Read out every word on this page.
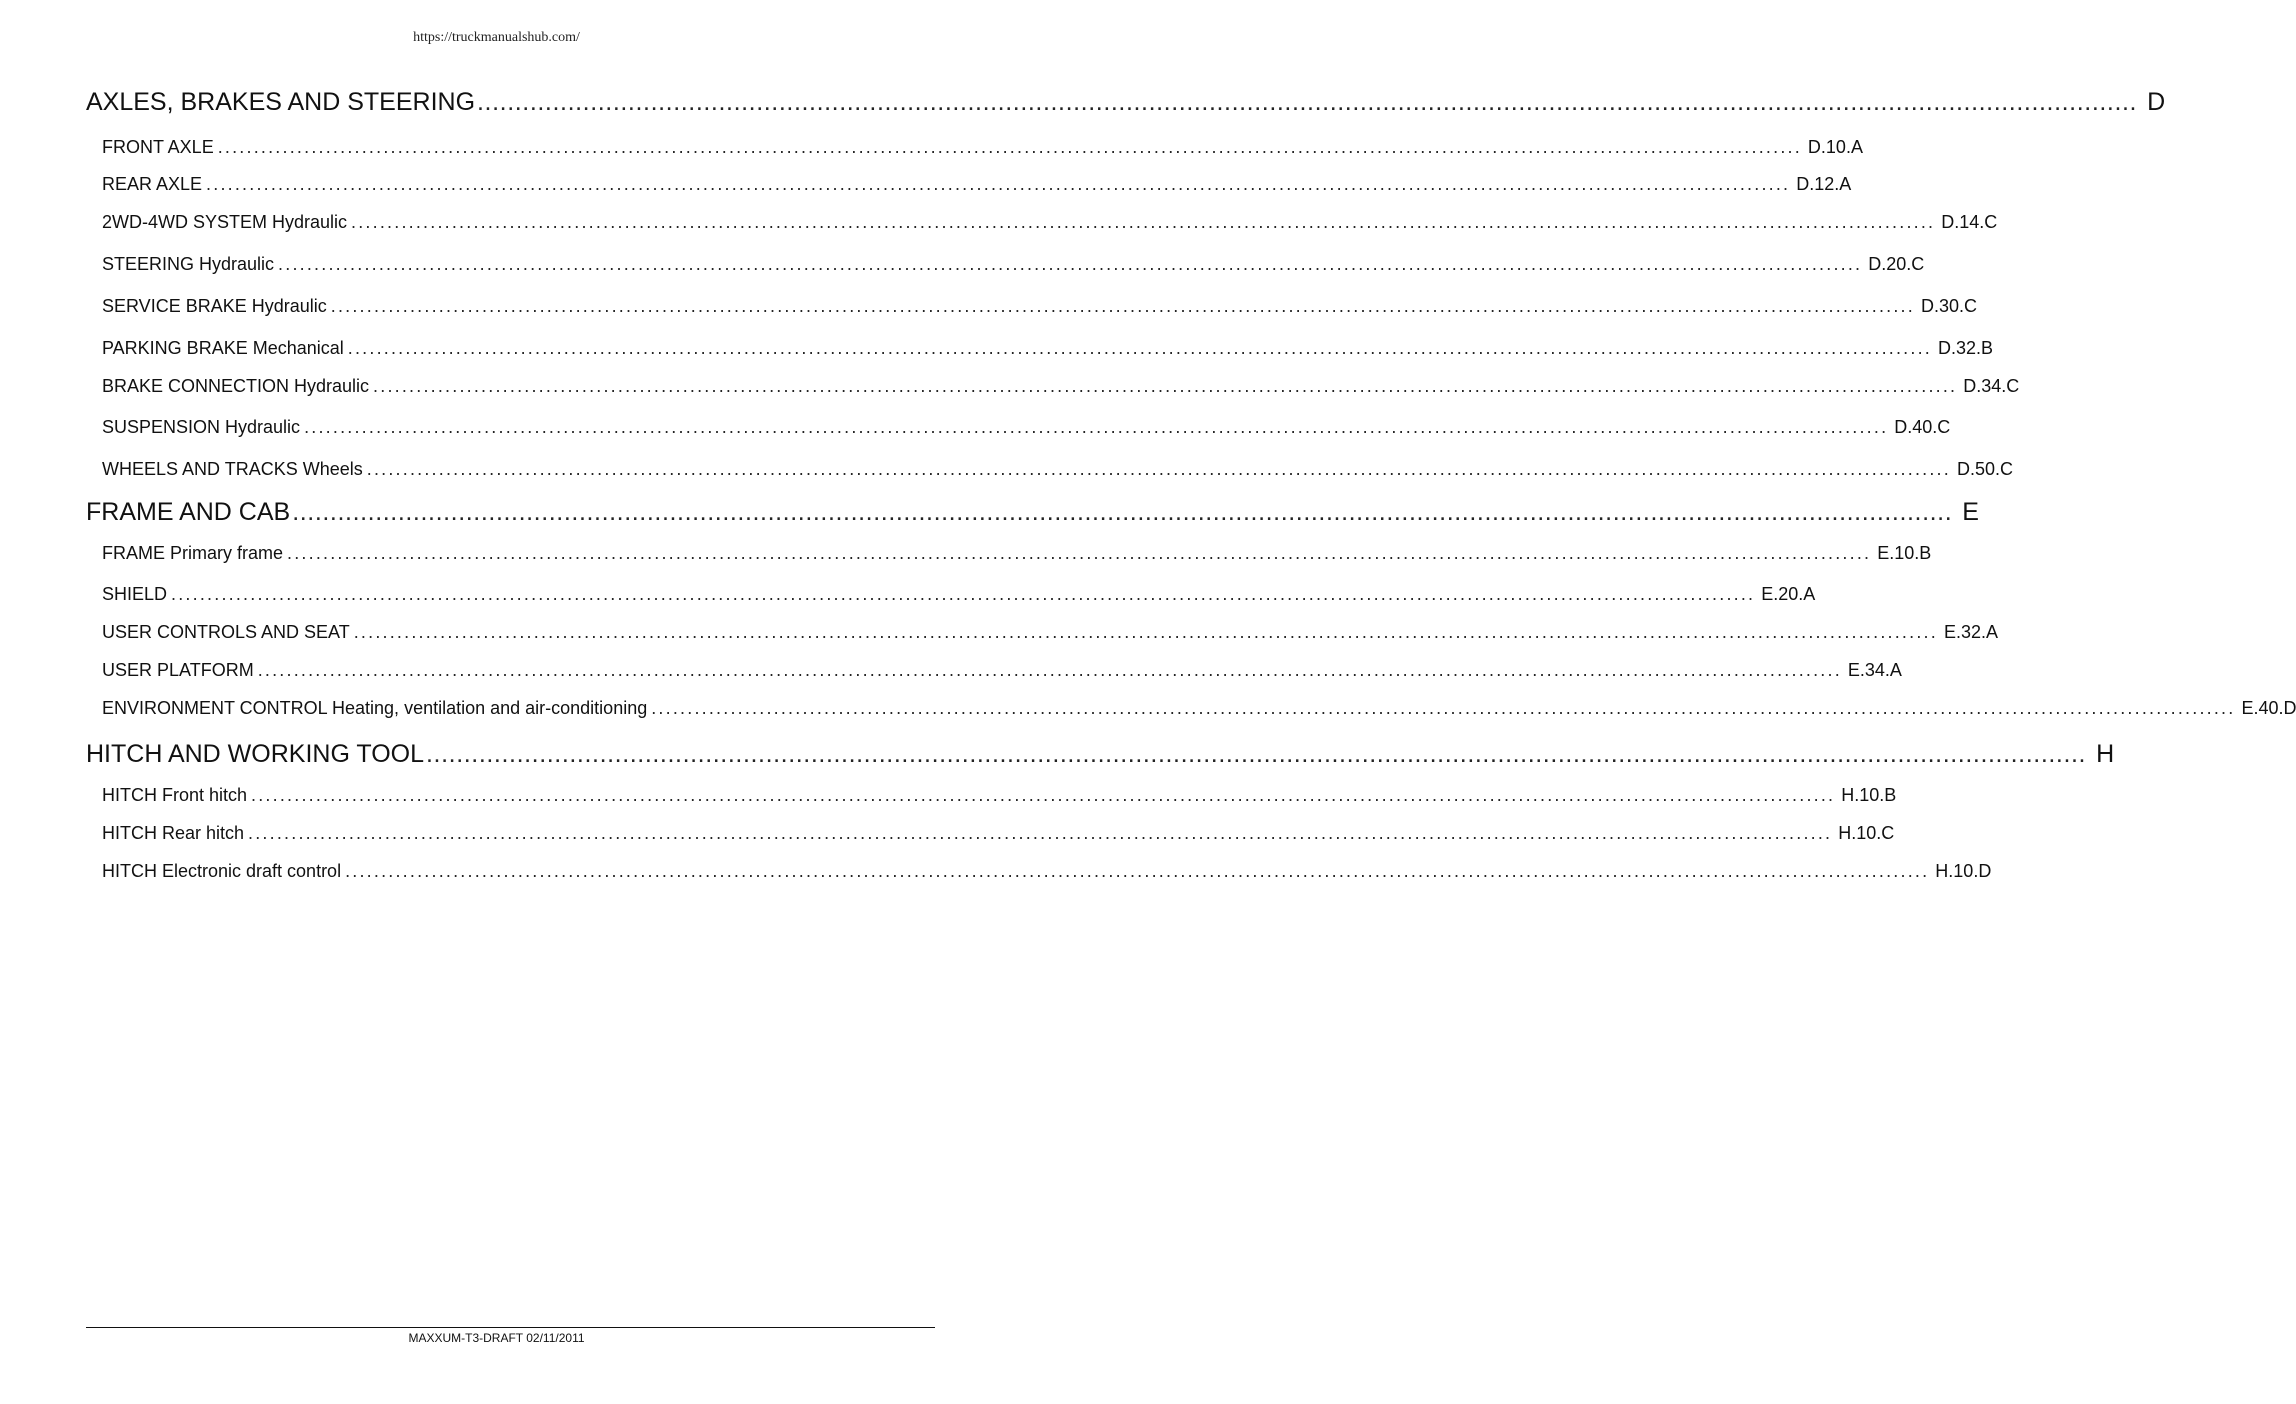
https://truckmanualshub.com/
AXLES, BRAKES AND STEERING ............................................................................................................................................................................................................................ D
FRONT AXLE ............................................................................................................................................................................................................................ D.10.A
REAR AXLE ............................................................................................................................................................................................................................ D.12.A
2WD-4WD SYSTEM Hydraulic ............................................................................................................................................................................................................................ D.14.C
STEERING Hydraulic ............................................................................................................................................................................................................................ D.20.C
SERVICE BRAKE Hydraulic ............................................................................................................................................................................................................................ D.30.C
PARKING BRAKE Mechanical ............................................................................................................................................................................................................................ D.32.B
BRAKE CONNECTION Hydraulic ............................................................................................................................................................................................................................ D.34.C
SUSPENSION Hydraulic ............................................................................................................................................................................................................................ D.40.C
WHEELS AND TRACKS Wheels ............................................................................................................................................................................................................................ D.50.C
FRAME AND CAB ............................................................................................................................................................................................................................ E
FRAME Primary frame ............................................................................................................................................................................................................................ E.10.B
SHIELD ............................................................................................................................................................................................................................ E.20.A
USER CONTROLS AND SEAT ............................................................................................................................................................................................................................ E.32.A
USER PLATFORM ............................................................................................................................................................................................................................ E.34.A
ENVIRONMENT CONTROL Heating, ventilation and air-conditioning ............................................................................................................................................................................................................................ E.40.D
HITCH AND WORKING TOOL ............................................................................................................................................................................................................................ H
HITCH Front hitch ............................................................................................................................................................................................................................ H.10.B
HITCH Rear hitch ............................................................................................................................................................................................................................ H.10.C
HITCH Electronic draft control ............................................................................................................................................................................................................................ H.10.D
MAXXUM-T3-DRAFT 02/11/2011
